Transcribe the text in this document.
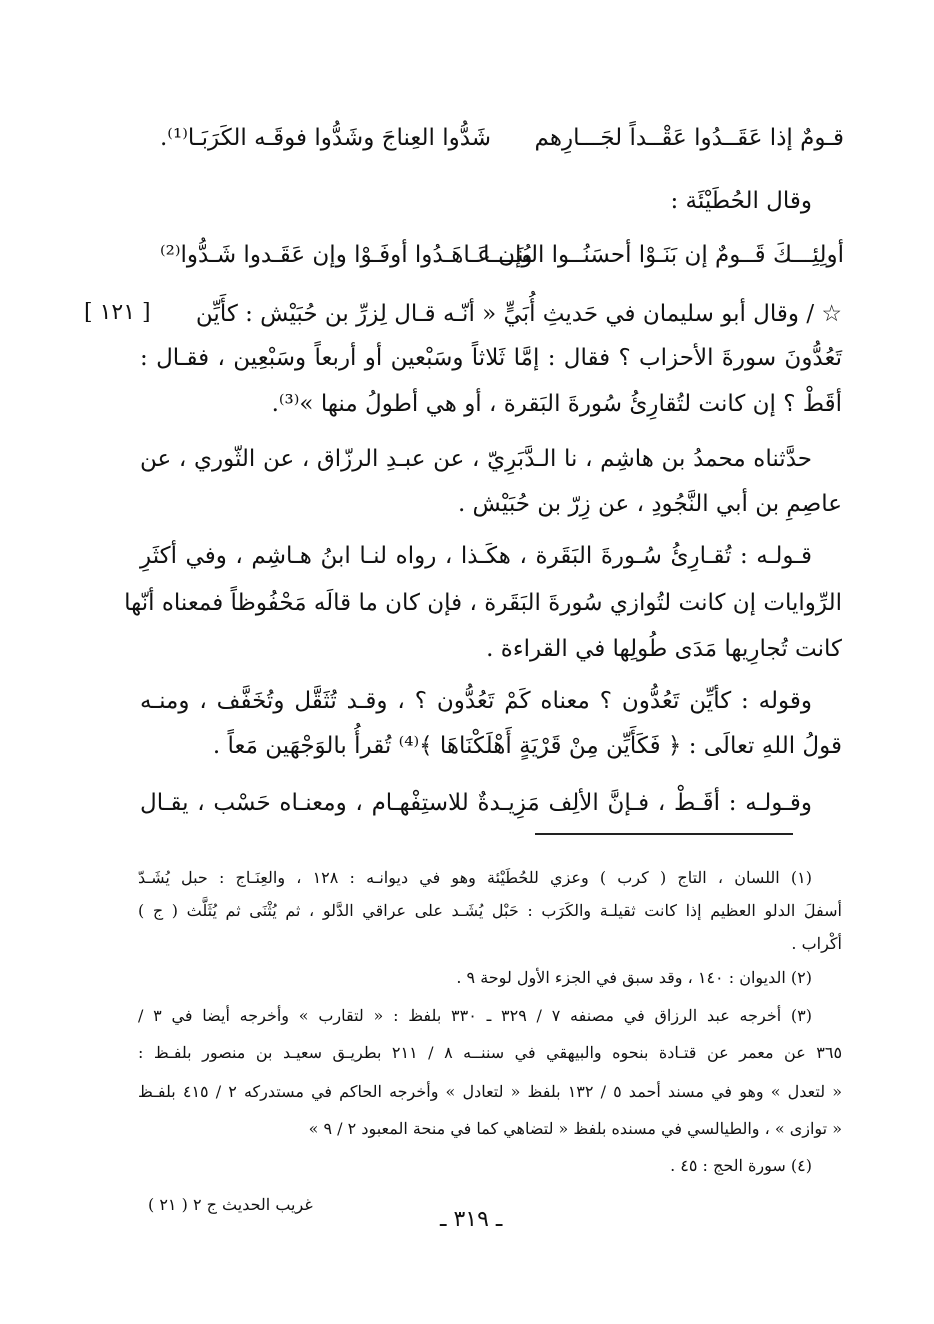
قـومٌ إذا عَقَــدُوا عَقْــداً لجَـــارِهم
شَدُّوا العِناجَ وشَدُّوا فوقَـه الكَرَبَـا⁽¹⁾.
وقال الحُطَيْئَة :
أولِئِـــكَ قَــومٌ إن بَنَـوْا أحسَنُــوا البُنَــــا
وإن عَـاهَـدُوا أوفَـوْا وإن عَقَـدوا شَـدُّوا⁽²⁾
[ ١٢١ ] ☆ / وقال أبو سليمان في حَديثِ أُبَيٍّ « أنّـه قـال لِزرِّ بن حُبَيْش : كأَيِّن
تَعُدُّونَ سورةَ الأحزاب ؟ فقال : إمَّا ثَلاثاً وسَبْعين أو أربعاً وسَبْعِين ، فقـال :
أقَطْ ؟ إن كانت لتُقارِئُ سُورةَ البَقرة ، أو هي أطولُ منها »⁽³⁾.
حدَّثناه محمدُ بن هاشِم ، نا الـدَّبَرِيّ ، عن عبـدِ الرزّاق ، عن الثّوري ، عن
عاصِمِ بن أبي النَّجُودِ ، عن زِرّ بن حُبَيْش .
قـولـه : تُقـارِئُ سُـورةَ البَقَرة ، هكَـذا ، رواه لنـا ابنُ هـاشِم ، وفي أكثَرِ
الرِّوايات إن كانت لتُوازي سُورةَ البَقَرة ، فإن كان ما قالَه مَحْفُوظاً فمعناه أنّها
كانت تُجارِيها مَدَى طُولِها في القراءة .
وقوله : كأيِّن تَعُدُّون ؟ معناه كَمْ تَعُدُّون ؟ ، وقـد تُثَقَّل وتُخَفَّف ، ومنـه
قولُ اللهِ تعالَى : ﴿ فَكَأَيِّن مِنْ قَرْيَةٍ أَهْلَكْنَاهَا ﴾⁽⁴⁾ تُقرأُ بالوَجْهَين مَعاً .
وقـولـه : أقَـطْ ، فـإنَّ الألِف مَزِيـدةٌ للاستِفْهـام ، ومعنـاه حَسْب ، يقـال
(١) اللسان ، التاج ( كرب ) وعزي للحُطَيْئة وهو في ديوانـه : ١٢٨ ، والعِنَـاج : حبل يُشَـدّ
أسفلَ الدلو العظيم إذا كانت ثقيلـة والكَرَب : حَبْل يُشَـد على عراقي الدَّلو ، ثم يُثْنَى ثم يُثَلَّث ( ج )
أكْراب .
(٢) الديوان : ١٤٠ ، وقد سبق في الجزء الأول لوحة ٩ .
(٣) أخرجه عبد الرزاق في مصنفه ٧ / ٣٢٩ ـ ٣٣٠ بلفظ : « لتقارب » وأخرجه أيضا في ٣ /
٣٦٥ عن معمر عن قتـادة بنحوه والبيهقي في سننــه ٨ / ٢١١ بطريـق سعيـد بن منصور بلفـظ :
« لتعدل » وهو في مسند أحمد ٥ / ١٣٢ بلفظ « لتعادل » وأخرجه الحاكم في مستدركه ٢ / ٤١٥ بلفـظ
« توازى » ، والطيالسي في مسنده بلفظ « لتضاهي كما في منحة المعبود ٢ / ٩ »
(٤) سورة الحج : ٤٥ .
غريب الحديث ج ٢ ( ٢١ )
ـ ٣١٩ ـ
